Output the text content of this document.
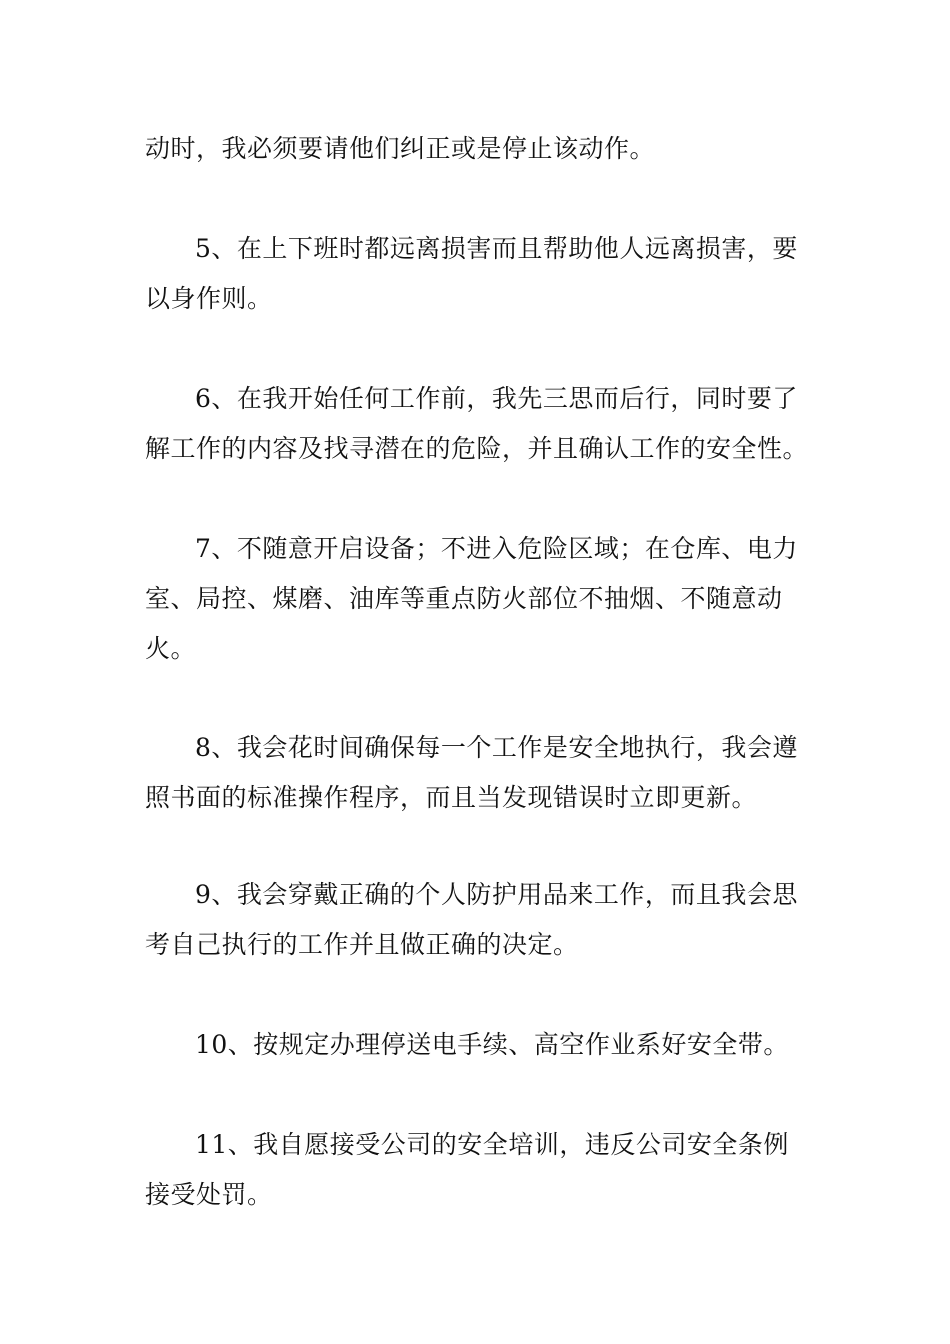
动时，我必须要请他们纠正或是停止该动作。

5、在上下班时都远离损害而且帮助他人远离损害，要以身作则。

6、在我开始任何工作前，我先三思而后行，同时要了解工作的内容及找寻潜在的危险，并且确认工作的安全性。

7、不随意开启设备；不进入危险区域；在仓库、电力室、局控、煤磨、油库等重点防火部位不抽烟、不随意动火。

8、我会花时间确保每一个工作是安全地执行，我会遵照书面的标准操作程序，而且当发现错误时立即更新。

9、我会穿戴正确的个人防护用品来工作，而且我会思考自己执行的工作并且做正确的决定。

10、按规定办理停送电手续、高空作业系好安全带。

11、我自愿接受公司的安全培训，违反公司安全条例接受处罚。
